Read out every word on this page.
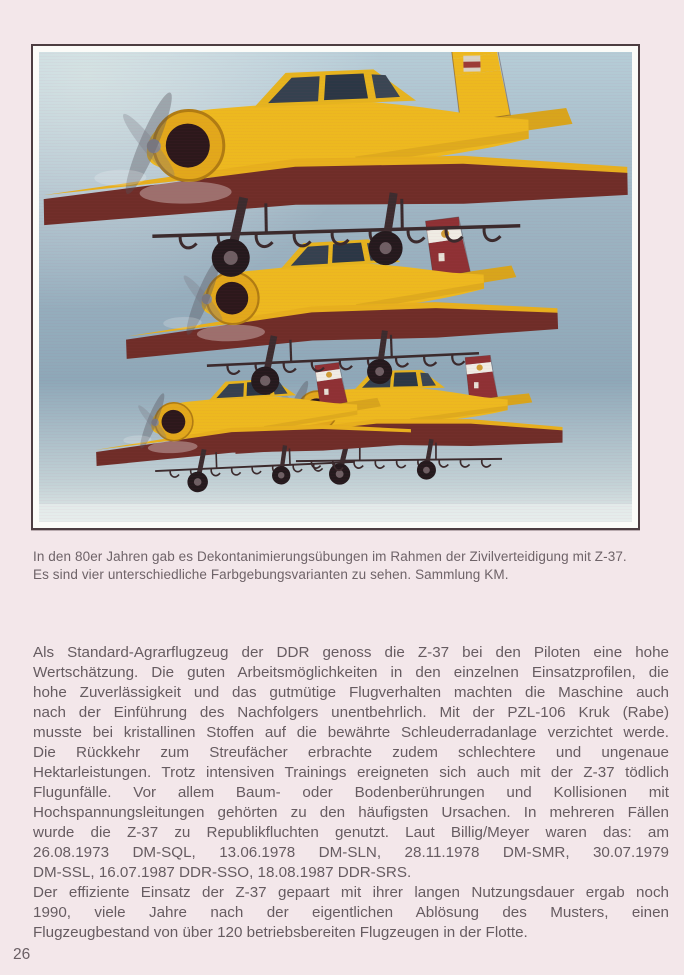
In den 80er Jahren gab es Dekontanimierungsübungen im Rahmen der Zivilverteidigung mit Z-37.
Es sind vier unterschiedliche Farbgebungsvarianten zu sehen. Sammlung KM.
Als Standard-Agrarflugzeug der DDR genoss die Z-37 bei den Piloten eine hohe
Wertschätzung. Die guten Arbeitsmöglichkeiten in den einzelnen Einsatzprofilen, die
hohe Zuverlässigkeit und das gutmütige Flugverhalten machten die Maschine auch
nach der Einführung des Nachfolgers unentbehrlich. Mit der PZL-106 Kruk (Rabe)
musste bei kristallinen Stoffen auf die bewährte Schleuderradanlage verzichtet werde.
Die Rückkehr zum Streufächer erbrachte zudem schlechtere und ungenaue
Hektarleistungen. Trotz intensiven Trainings ereigneten sich auch mit der Z-37 tödlich
Flugunfälle. Vor allem Baum- oder Bodenberührungen und Kollisionen mit
Hochspannungsleitungen gehörten zu den häufigsten Ursachen. In mehreren Fällen
wurde die Z-37 zu Republikfluchten genutzt. Laut Billig/Meyer waren das: am
26.08.1973 DM-SQL, 13.06.1978 DM-SLN, 28.11.1978 DM-SMR, 30.07.1979
DM-SSL, 16.07.1987 DDR-SSO, 18.08.1987 DDR-SRS.
Der effiziente Einsatz der Z-37 gepaart mit ihrer langen Nutzungsdauer ergab noch
1990, viele Jahre nach der eigentlichen Ablösung des Musters, einen
Flugzeugbestand von über 120 betriebsbereiten Flugzeugen in der Flotte.
26
